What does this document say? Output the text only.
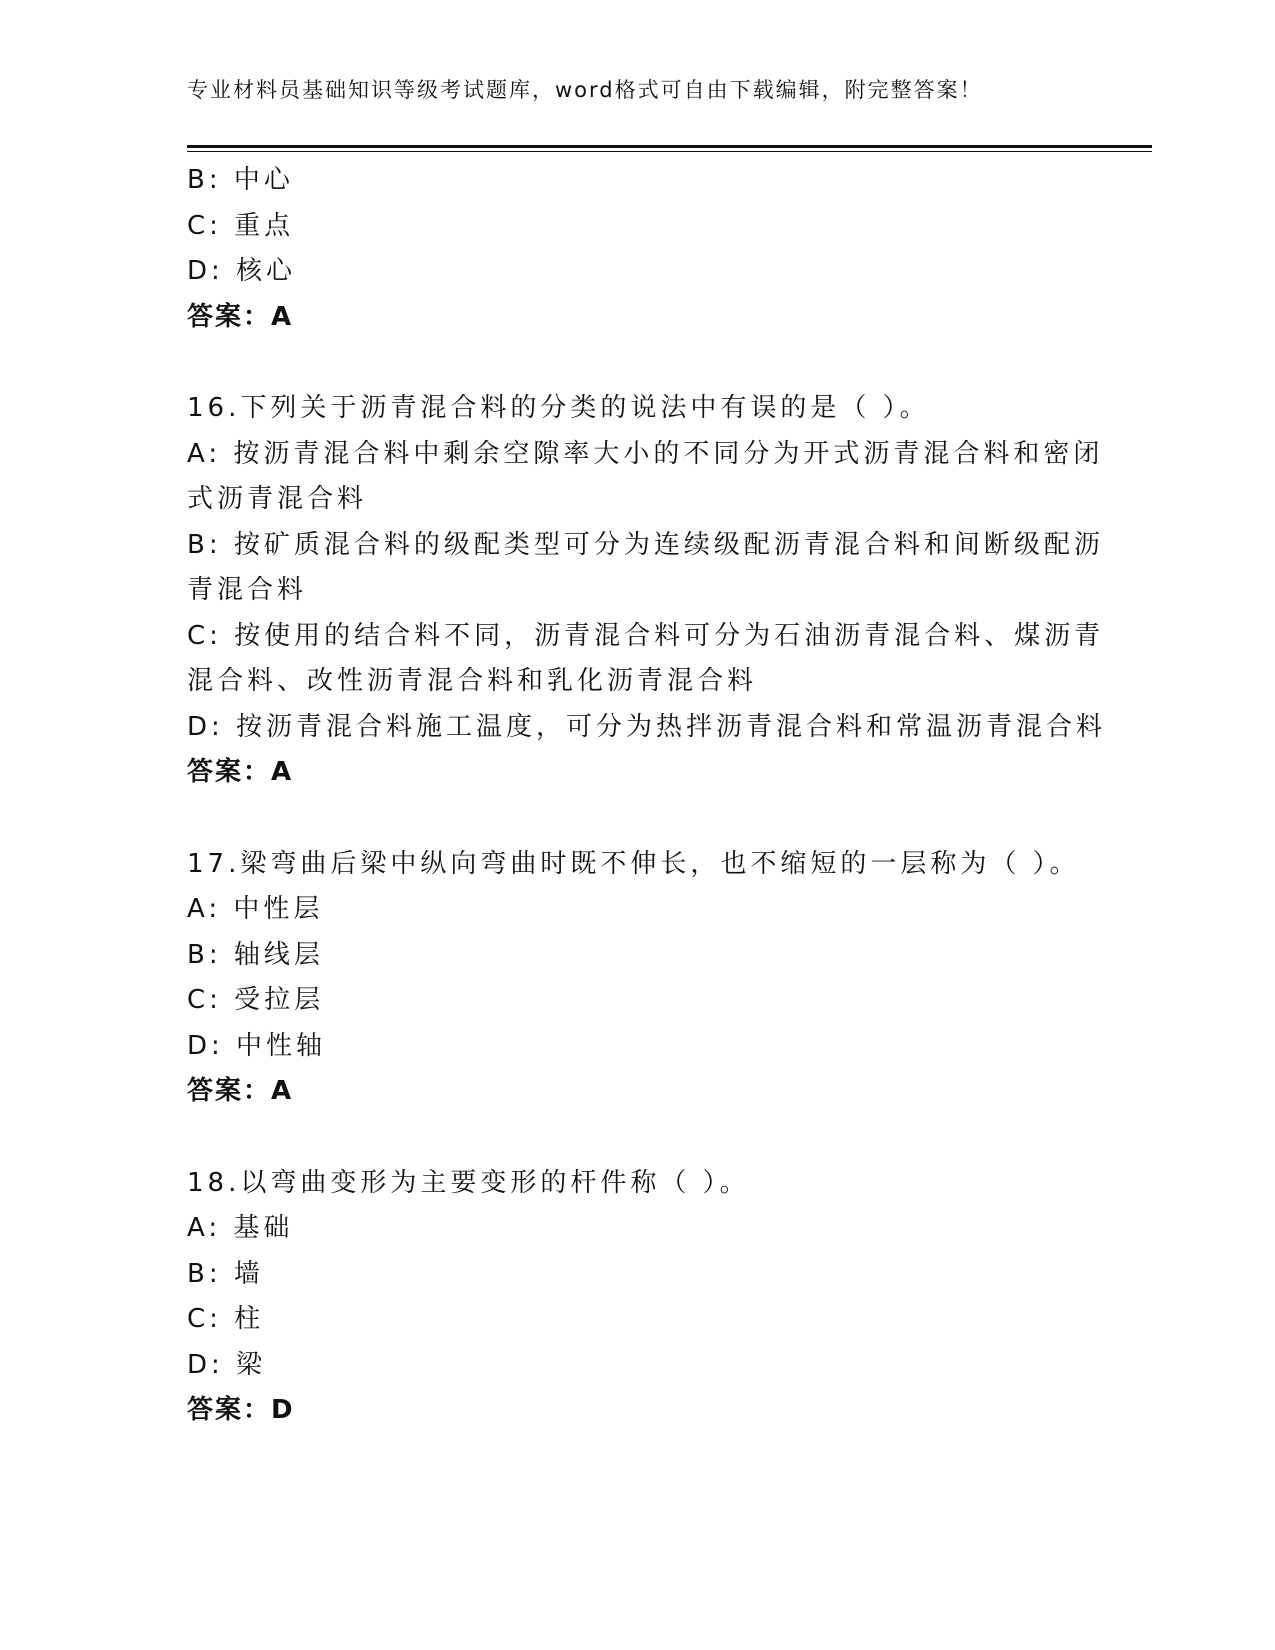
专业材料员基础知识等级考试题库，word格式可自由下载编辑，附完整答案！
B: 中心
C: 重点
D: 核心
答案：A
16.下列关于沥青混合料的分类的说法中有误的是（ ）。
A: 按沥青混合料中剩余空隙率大小的不同分为开式沥青混合料和密闭
式沥青混合料
B: 按矿质混合料的级配类型可分为连续级配沥青混合料和间断级配沥
青混合料
C: 按使用的结合料不同，沥青混合料可分为石油沥青混合料、煤沥青
混合料、改性沥青混合料和乳化沥青混合料
D: 按沥青混合料施工温度，可分为热拌沥青混合料和常温沥青混合料
答案：A
17.梁弯曲后梁中纵向弯曲时既不伸长，也不缩短的一层称为（ ）。
A: 中性层
B: 轴线层
C: 受拉层
D: 中性轴
答案：A
18.以弯曲变形为主要变形的杆件称（ ）。
A: 基础
B: 墙
C: 柱
D: 梁
答案：D
